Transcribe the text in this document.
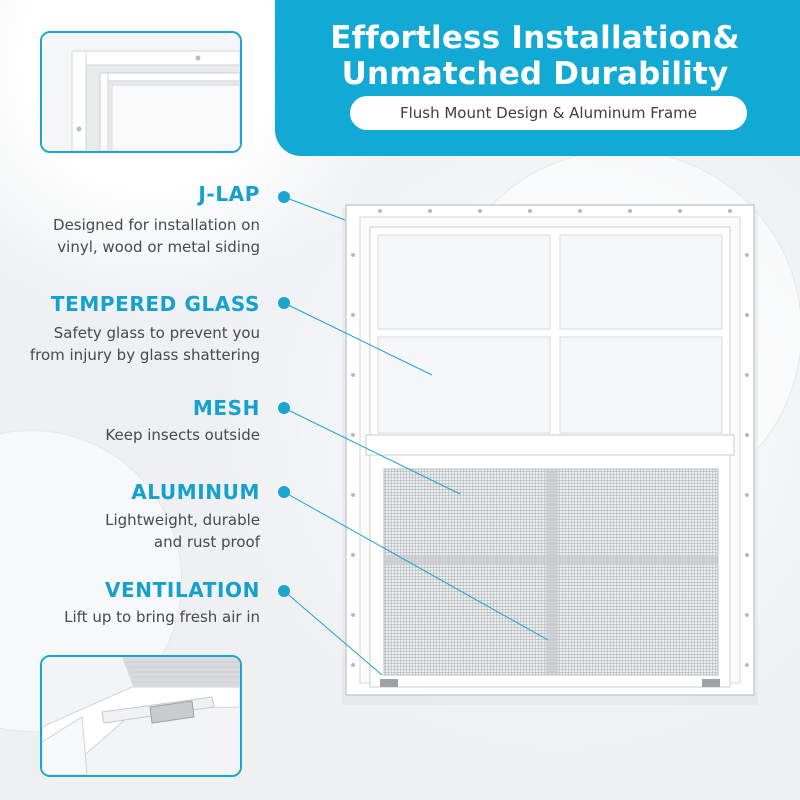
Effortless Installation&
Unmatched Durability
Flush Mount Design & Aluminum Frame
J-LAP
Designed for installation on
vinyl, wood or metal siding
TEMPERED GLASS
Safety glass to prevent you
from injury by glass shattering
MESH
Keep insects outside
ALUMINUM
Lightweight, durable
and rust proof
VENTILATION
Lift up to bring fresh air in
